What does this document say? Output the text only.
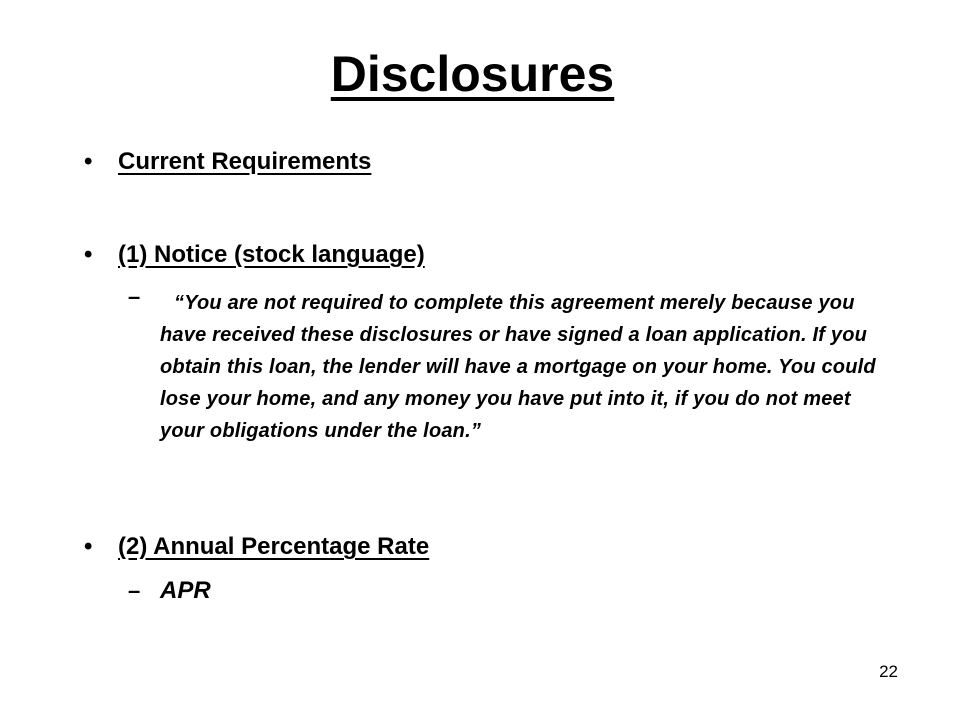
Disclosures
•	Current Requirements
•	(1) Notice (stock language)
–	“You are not required to complete this agreement merely because you have received these disclosures or have signed a loan application. If you obtain this loan, the lender will have a mortgage on your home. You could lose your home, and any money you have put into it, if you do not meet your obligations under the loan.”
•	(2) Annual Percentage Rate
– APR
22
